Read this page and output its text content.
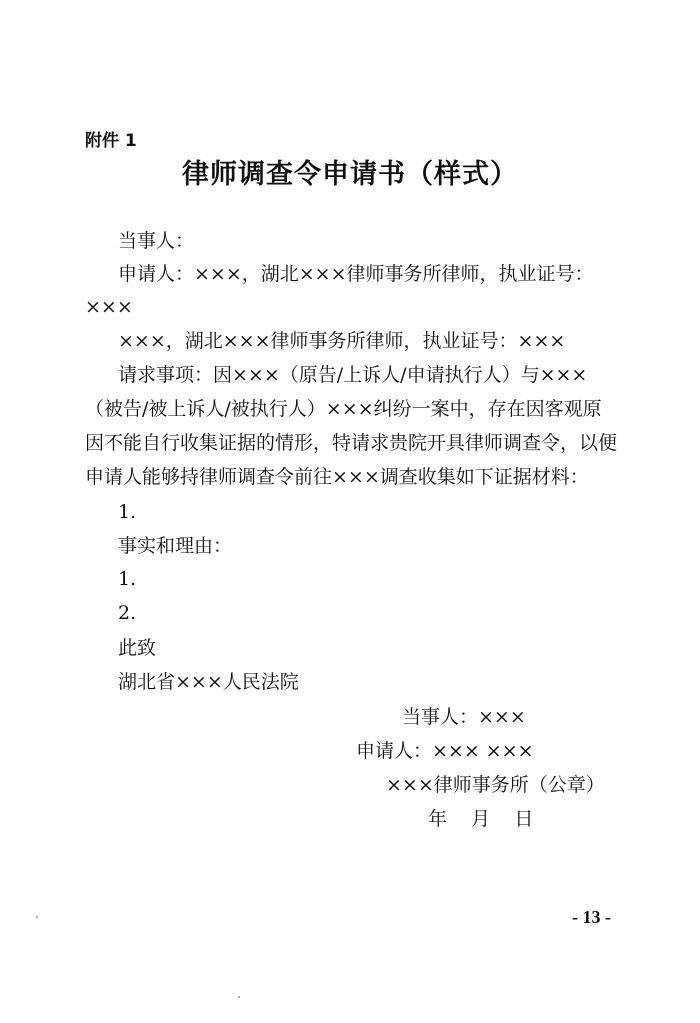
附件 1
律师调查令申请书（样式）
当事人：
申请人：×××，湖北×××律师事务所律师，执业证号：
×××
×××，湖北×××律师事务所律师，执业证号：×××
请求事项：因×××（原告/上诉人/申请执行人）与×××
（被告/被上诉人/被执行人）×××纠纷一案中，存在因客观原
因不能自行收集证据的情形，特请求贵院开具律师调查令，以便
申请人能够持律师调查令前往×××调查收集如下证据材料：
1.
事实和理由：
1.
2.
此致
湖北省×××人民法院
当事人：×××
申请人：××× ×××
×××律师事务所（公章）
年    月    日
- 13 -
